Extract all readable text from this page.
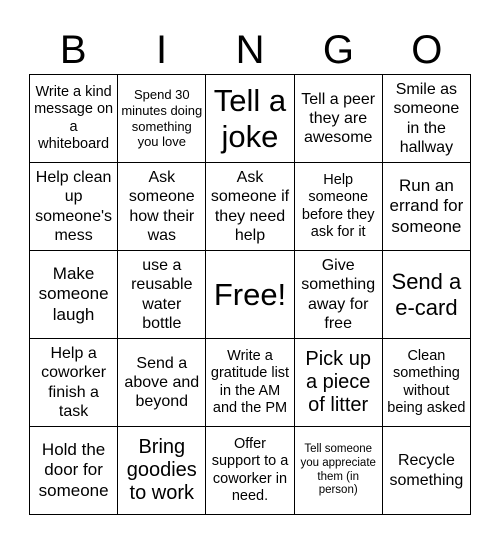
B	I	N	G	O
Write a kind message on a whiteboard
Spend 30 minutes doing something you love
Tell a joke
Tell a peer they are awesome
Smile as someone in the hallway
Help clean up someone's mess
Ask someone how their was
Ask someone if they need help
Help someone before they ask for it
Run an errand for someone
Make someone laugh
use a reusable water bottle
Free!
Give something away for free
Send a e-card
Help a coworker finish a task
Send a above and beyond
Write a gratitude list in the AM and the PM
Pick up a piece of litter
Clean something without being asked
Hold the door for someone
Bring goodies to work
Offer support to a coworker in need.
Tell someone you appreciate them (in person)
Recycle something
